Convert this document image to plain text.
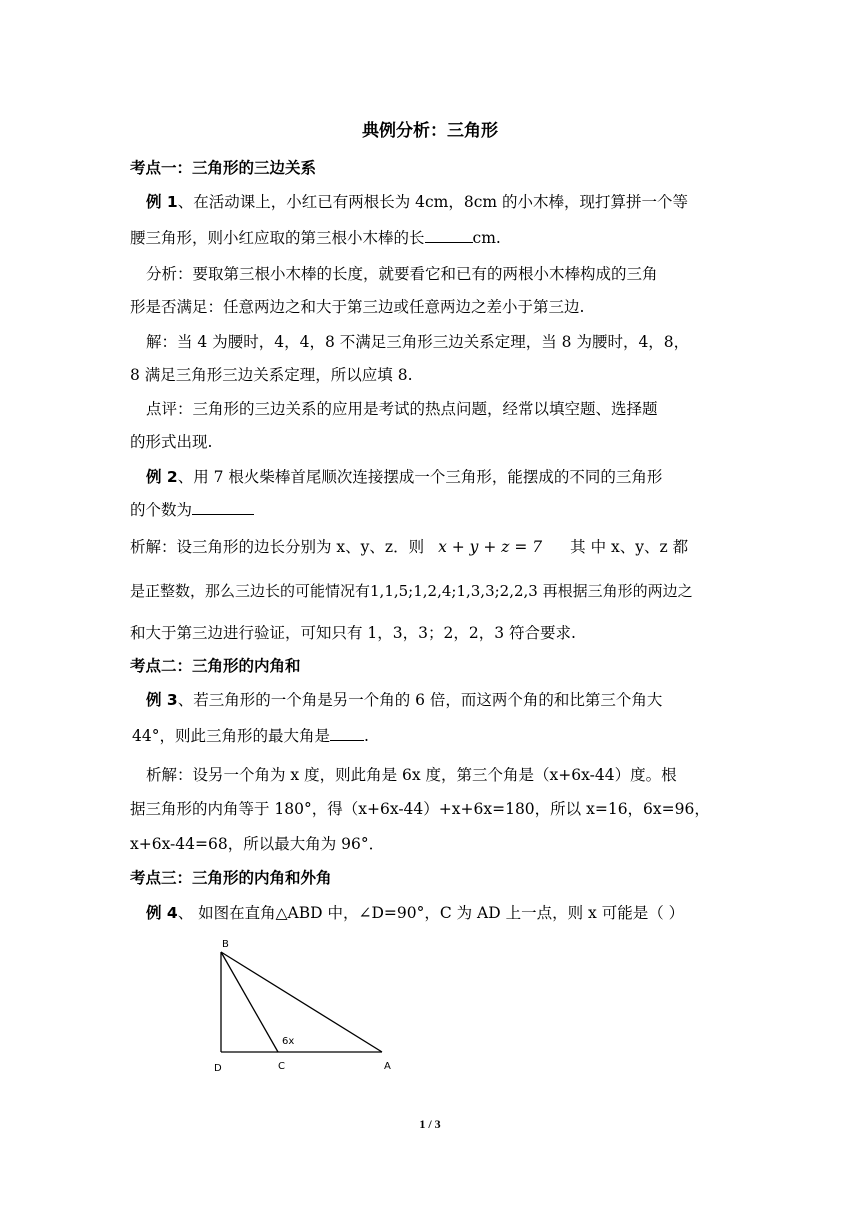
典例分析：三角形
考点一：三角形的三边关系
例 1、在活动课上，小红已有两根长为 4cm，8cm 的小木棒，现打算拼一个等
腰三角形，则小红应取的第三根小木棒的长	cm.
分析：要取第三根小木棒的长度，就要看它和已有的两根小木棒构成的三角
形是否满足：任意两边之和大于第三边或任意两边之差小于第三边.
解：当 4 为腰时，4，4，8 不满足三角形三边关系定理，当 8 为腰时，4，8，
8 满足三角形三边关系定理，所以应填 8.
点评：三角形的三边关系的应用是考试的热点问题，经常以填空题、选择题
的形式出现.
例 2、用 7 根火柴棒首尾顺次连接摆成一个三角形，能摆成的不同的三角形
的个数为
析解：设三角形的边长分别为 x、y、z．则 x + y + z = 7 其 中 x、y、z 都
是正整数，那么三边长的可能情况有1,1,5;1,2,4;1,3,3;2,2,3 再根据三角形的两边之
和大于第三边进行验证，可知只有 1，3，3；2，2，3 符合要求.
考点二：三角形的内角和
例 3、若三角形的一个角是另一个角的 6 倍，而这两个角的和比第三个角大
44°，则此三角形的最大角是 .
析解：设另一个角为 x 度，则此角是 6x 度，第三个角是（x+6x-44）度。根
据三角形的内角等于 180°，得（x+6x-44）+x+6x=180，所以 x=16，6x=96，
x+6x-44=68，所以最大角为 96°．
考点三：三角形的内角和外角
例 4、 如图在直角△ABD 中，∠D=90°，C 为 AD 上一点，则 x 可能是（ ）
B
D	C	A
6x
1 / 3
